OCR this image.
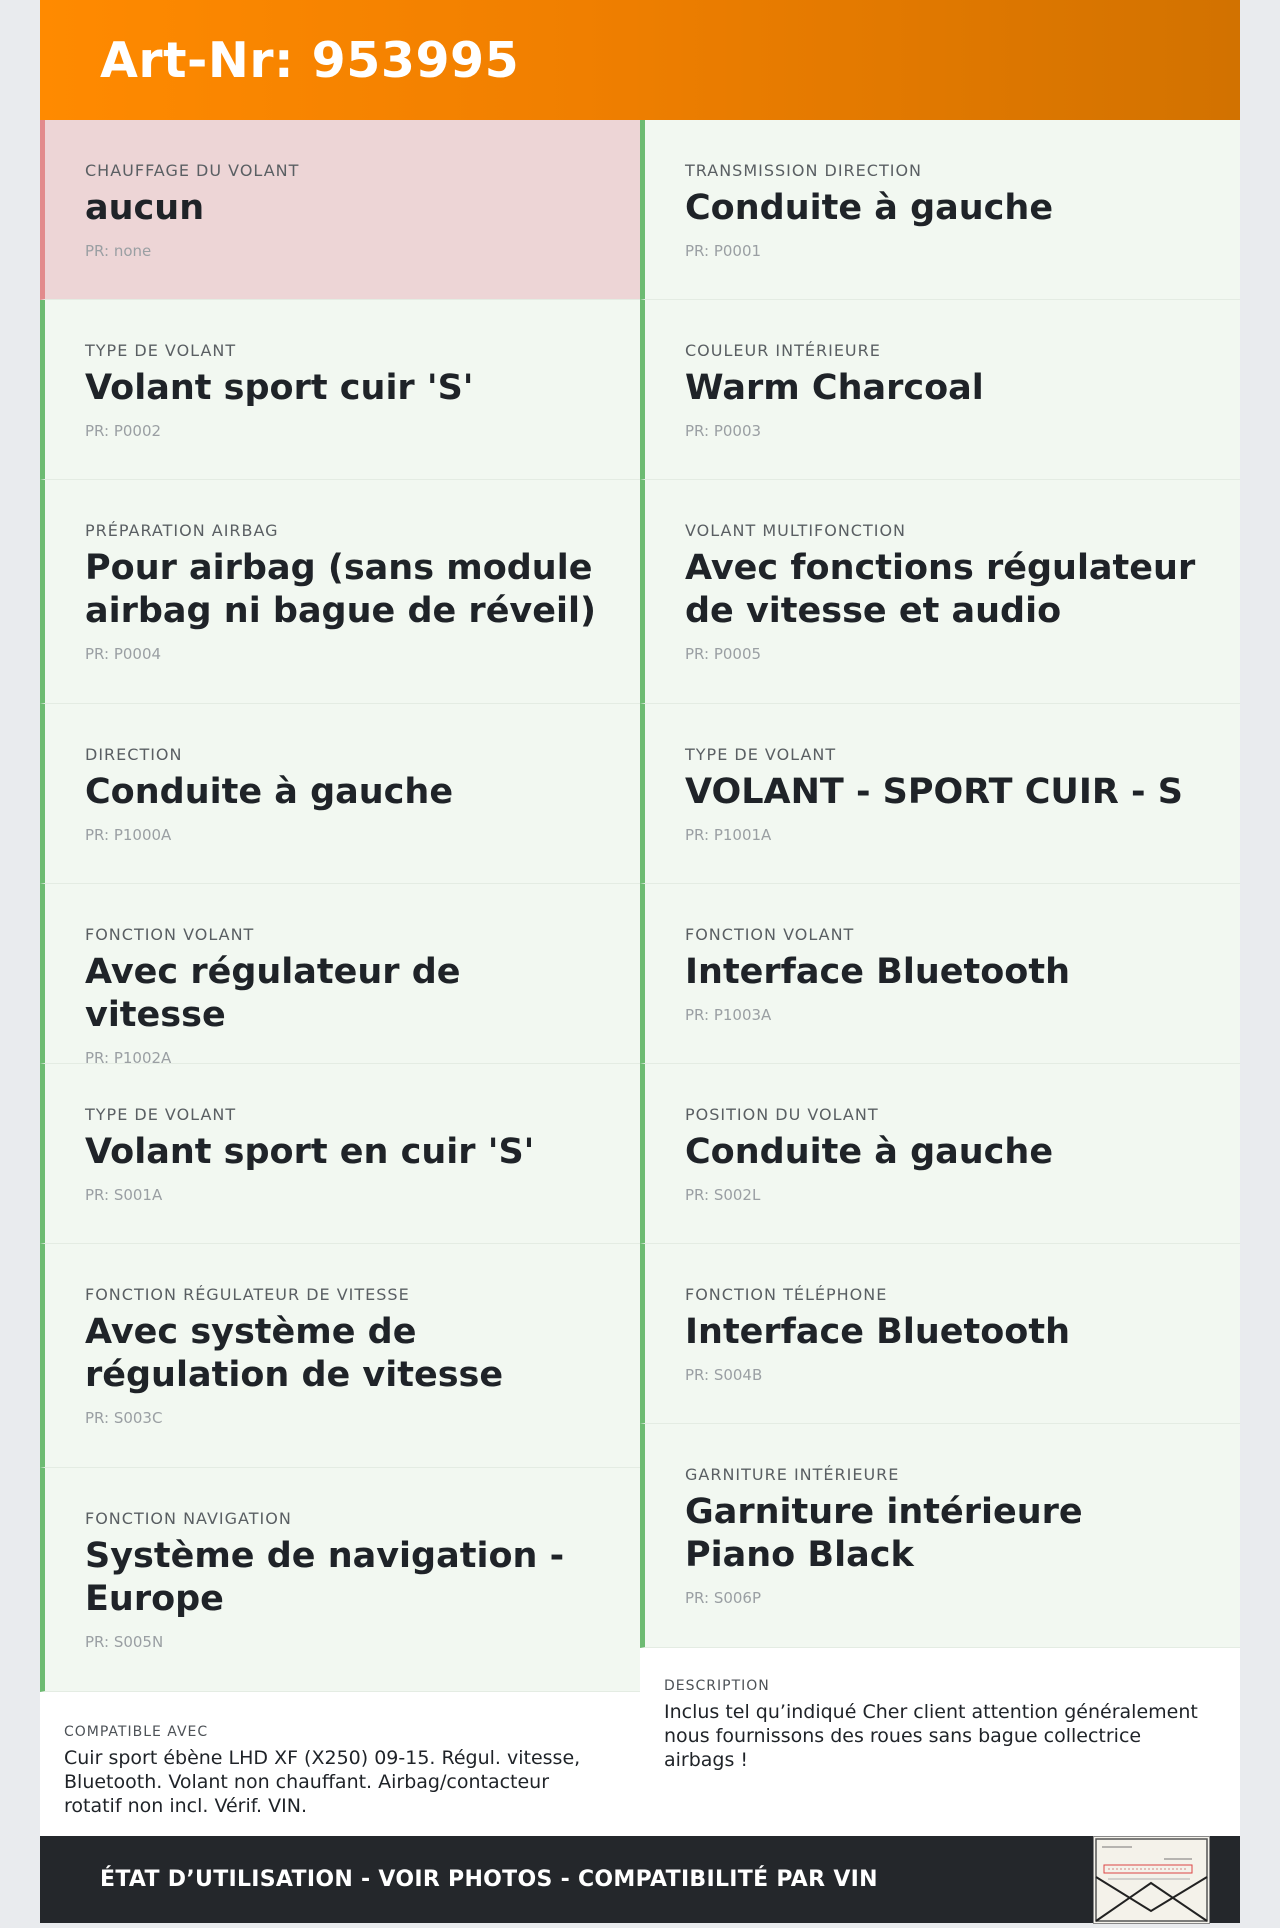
Art-Nr: 953995
CHAUFFAGE DU VOLANT
aucun
PR: none
TYPE DE VOLANT
Volant sport cuir 'S'
PR: P0002
PRÉPARATION AIRBAG
Pour airbag (sans module airbag ni bague de réveil)
PR: P0004
DIRECTION
Conduite à gauche
PR: P1000A
FONCTION VOLANT
Avec régulateur de vitesse
PR: P1002A
TYPE DE VOLANT
Volant sport en cuir 'S'
PR: S001A
FONCTION RÉGULATEUR DE VITESSE
Avec système de régulation de vitesse
PR: S003C
FONCTION NAVIGATION
Système de navigation - Europe
PR: S005N
COMPATIBLE AVEC
Cuir sport ébène LHD XF (X250) 09-15. Régul. vitesse, Bluetooth. Volant non chauffant. Airbag/contacteur rotatif non incl. Vérif. VIN.
TRANSMISSION DIRECTION
Conduite à gauche
PR: P0001
COULEUR INTÉRIEURE
Warm Charcoal
PR: P0003
VOLANT MULTIFONCTION
Avec fonctions régulateur de vitesse et audio
PR: P0005
TYPE DE VOLANT
VOLANT - SPORT CUIR - S
PR: P1001A
FONCTION VOLANT
Interface Bluetooth
PR: P1003A
POSITION DU VOLANT
Conduite à gauche
PR: S002L
FONCTION TÉLÉPHONE
Interface Bluetooth
PR: S004B
GARNITURE INTÉRIEURE
Garniture intérieure Piano Black
PR: S006P
DESCRIPTION
Inclus tel qu’indiqué Cher client attention généralement nous fournissons des roues sans bague collectrice airbags !
ÉTAT D’UTILISATION - VOIR PHOTOS - COMPATIBILITÉ PAR VIN
